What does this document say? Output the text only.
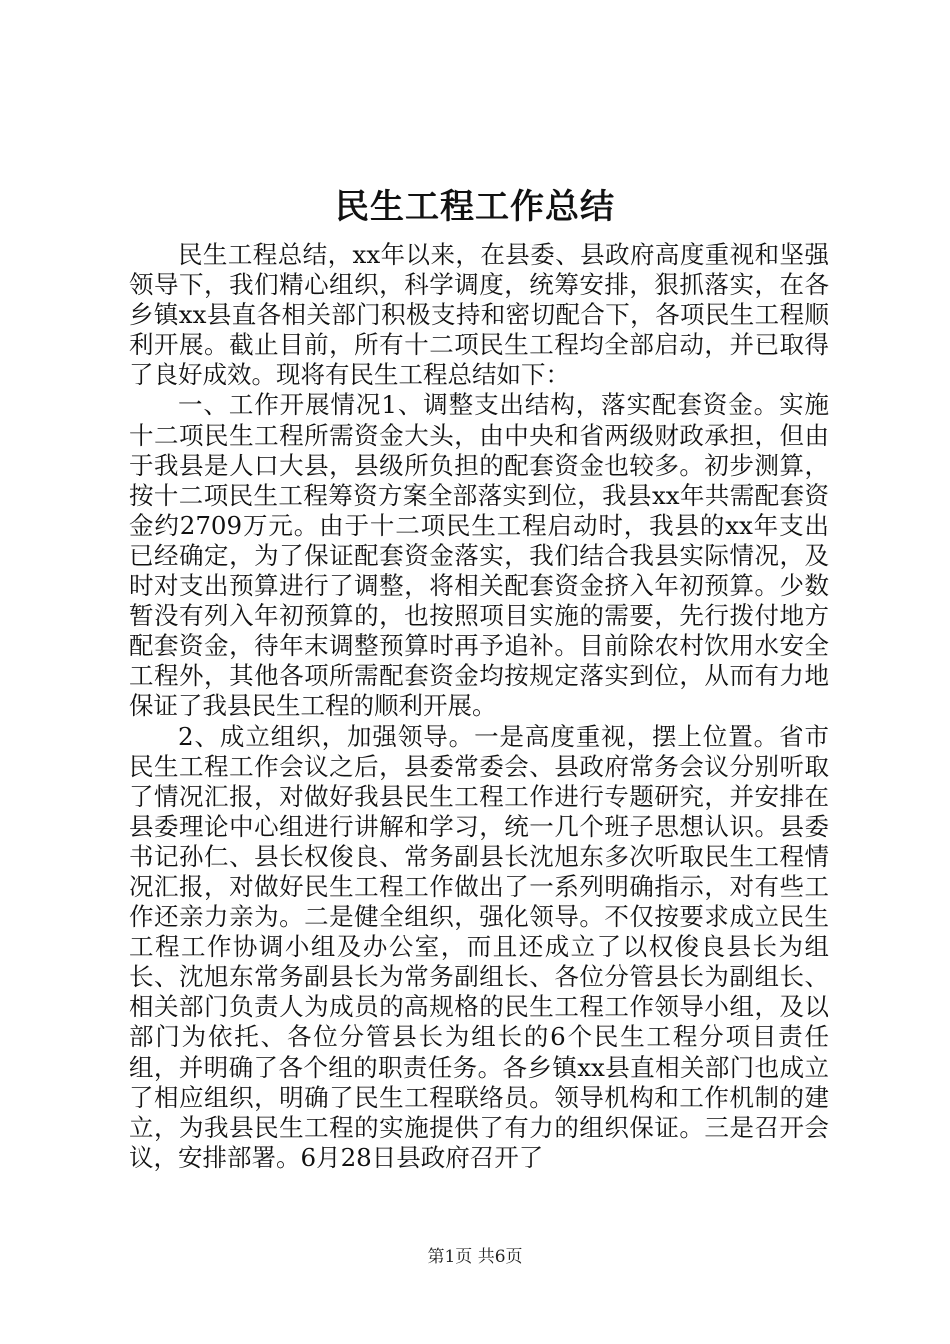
民生工程工作总结

民生工程总结，xx年以来，在县委、县政府高度重视和坚强领导下，我们精心组织，科学调度，统筹安排，狠抓落实，在各乡镇xx县直各相关部门积极支持和密切配合下，各项民生工程顺利开展。截止目前，所有十二项民生工程均全部启动，并已取得了良好成效。现将有民生工程总结如下：

一、工作开展情况1、调整支出结构，落实配套资金。实施十二项民生工程所需资金大头，由中央和省两级财政承担，但由于我县是人口大县，县级所负担的配套资金也较多。初步测算，按十二项民生工程筹资方案全部落实到位，我县xx年共需配套资金约2709万元。由于十二项民生工程启动时，我县的xx年支出已经确定，为了保证配套资金落实，我们结合我县实际情况，及时对支出预算进行了调整，将相关配套资金挤入年初预算。少数暂没有列入年初预算的，也按照项目实施的需要，先行拨付地方配套资金，待年末调整预算时再予追补。目前除农村饮用水安全工程外，其他各项所需配套资金均按规定落实到位，从而有力地保证了我县民生工程的顺利开展。

2、成立组织，加强领导。一是高度重视，摆上位置。省市民生工程工作会议之后，县委常委会、县政府常务会议分别听取了情况汇报，对做好我县民生工程工作进行专题研究，并安排在县委理论中心组进行讲解和学习，统一几个班子思想认识。县委书记孙仁、县长权俊良、常务副县长沈旭东多次听取民生工程情况汇报，对做好民生工程工作做出了一系列明确指示，对有些工作还亲力亲为。二是健全组织，强化领导。不仅按要求成立民生工程工作协调小组及办公室，而且还成立了以权俊良县长为组长、沈旭东常务副县长为常务副组长、各位分管县长为副组长、相关部门负责人为成员的高规格的民生工程工作领导小组，及以部门为依托、各位分管县长为组长的6个民生工程分项目责任组，并明确了各个组的职责任务。各乡镇xx县直相关部门也成立了相应组织，明确了民生工程联络员。领导机构和工作机制的建立，为我县民生工程的实施提供了有力的组织保证。三是召开会议，安排部署。6月28日县政府召开了

第1页 共6页
